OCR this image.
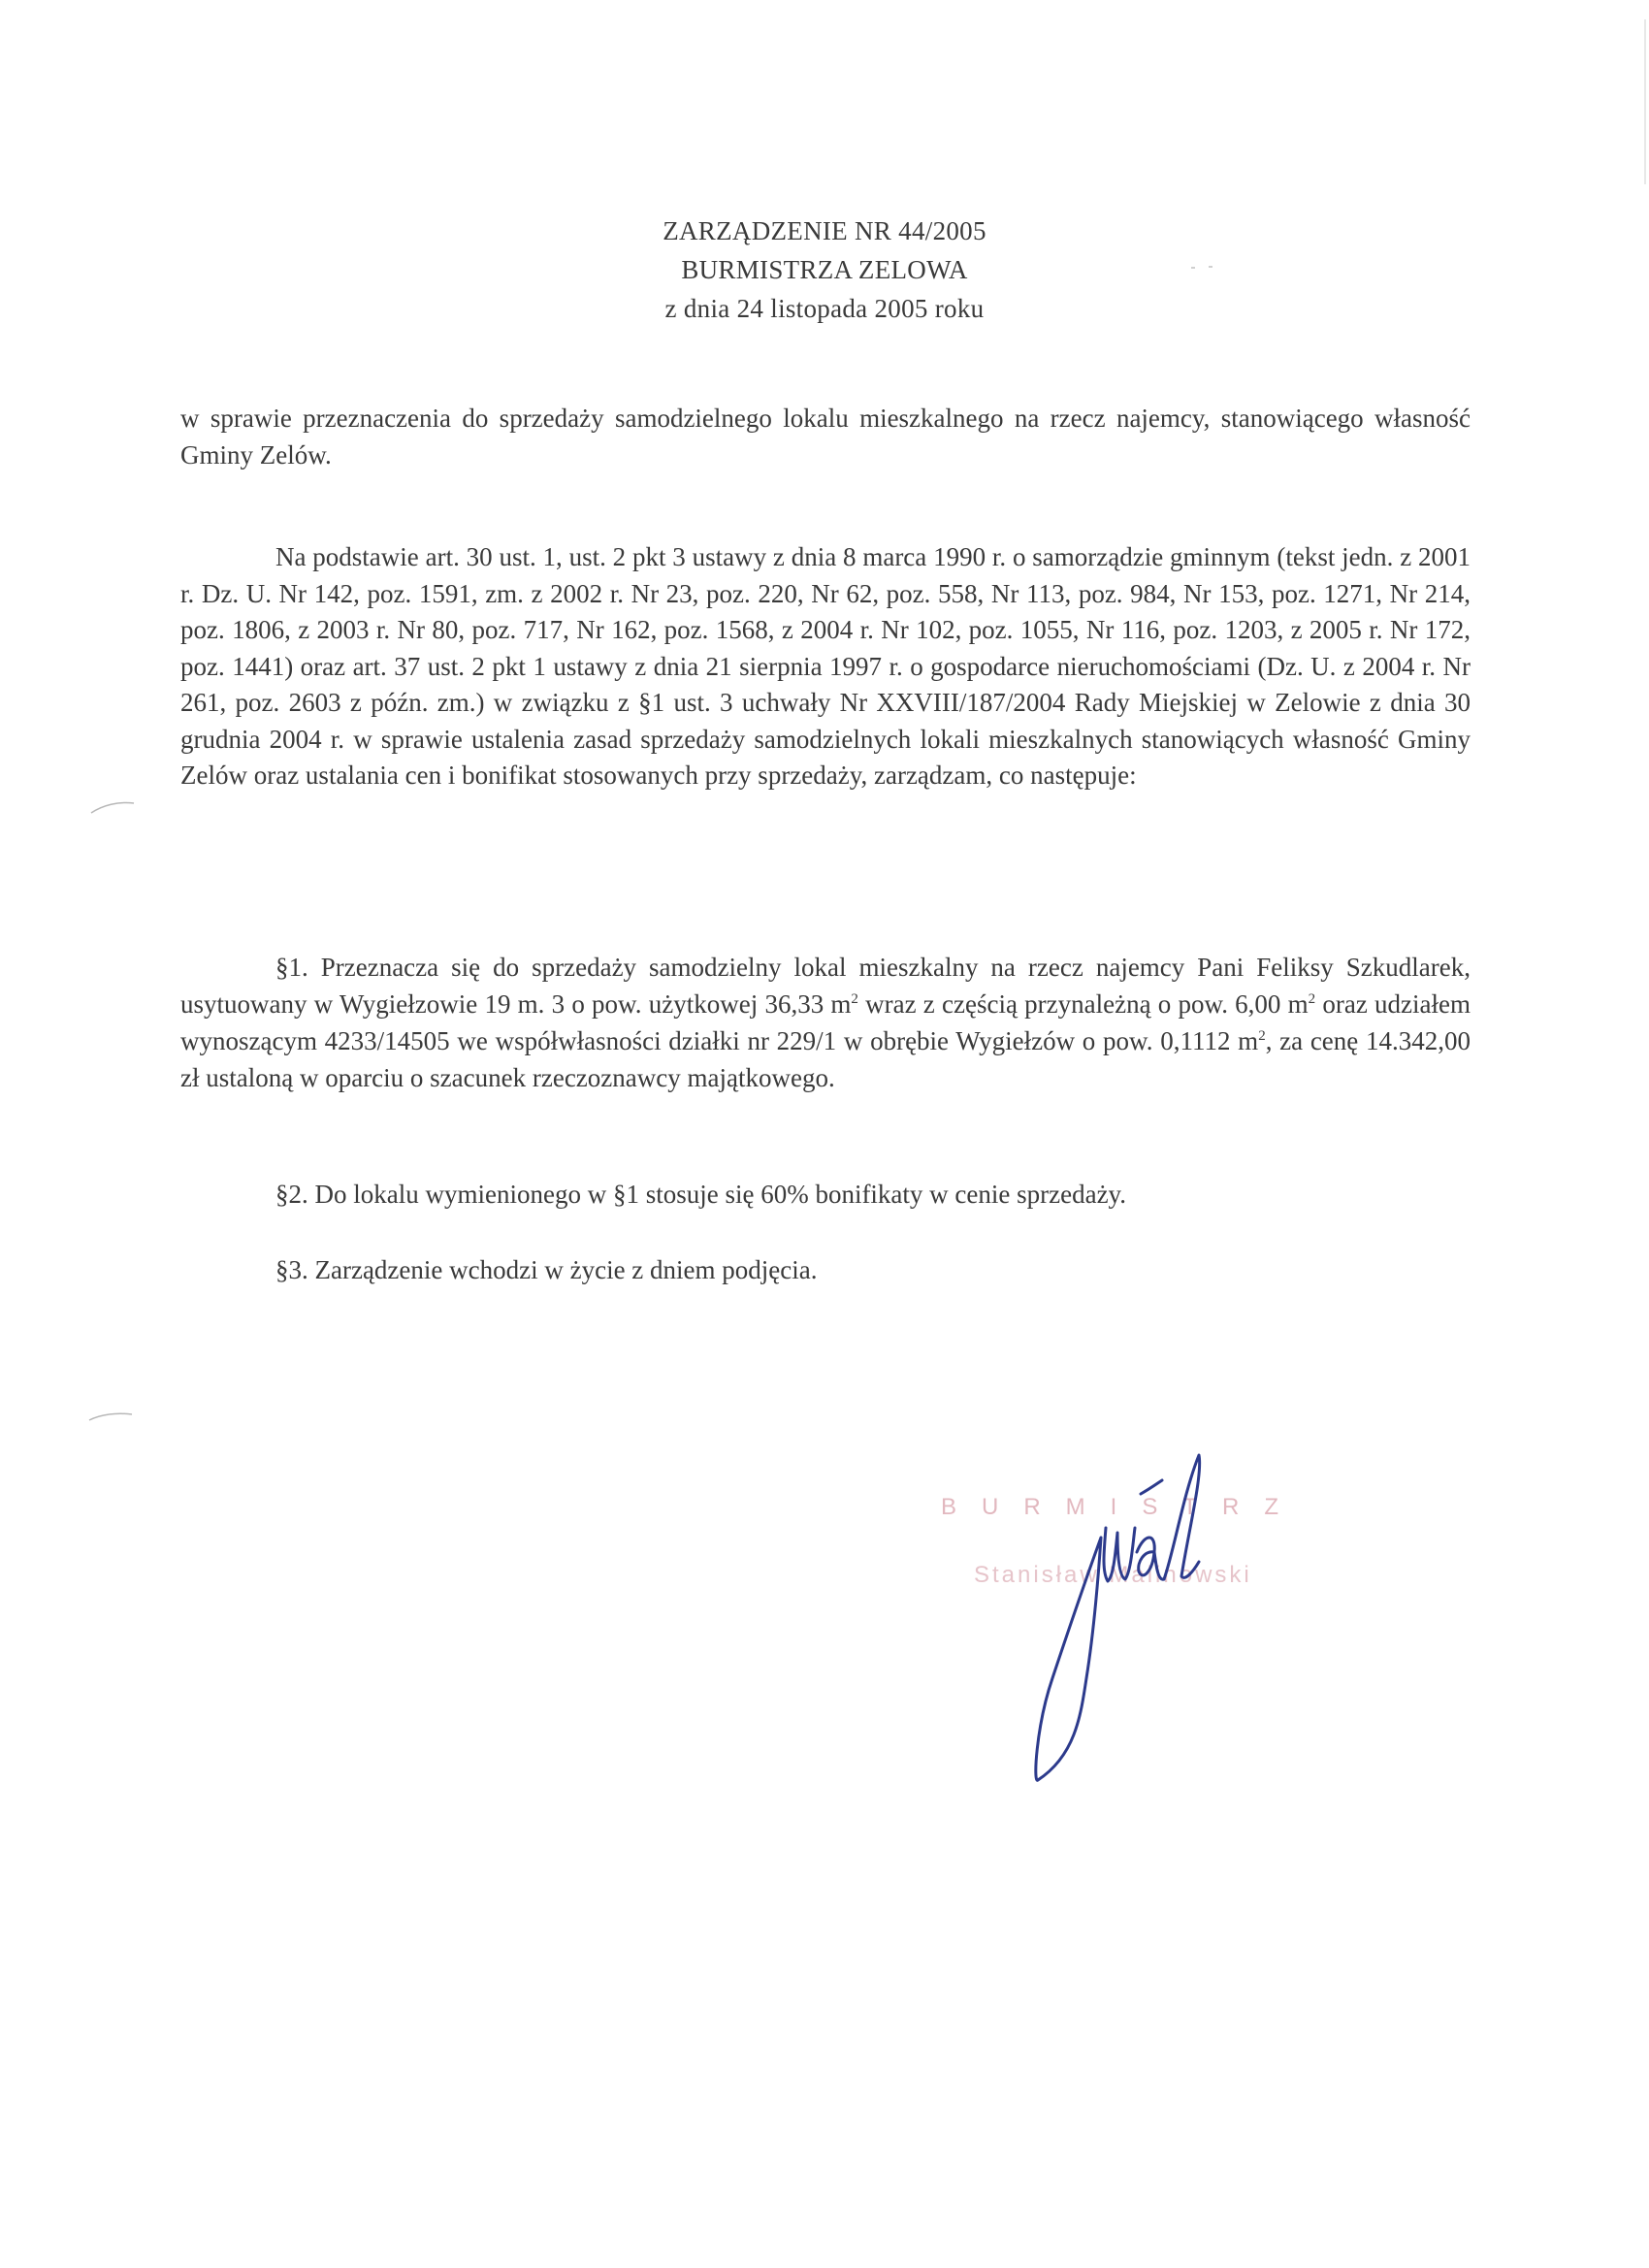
ZARZĄDZENIE NR 44/2005
BURMISTRZA ZELOWA
z dnia 24 listopada 2005 roku
w sprawie przeznaczenia do sprzedaży samodzielnego lokalu mieszkalnego na rzecz najemcy, stanowiącego własność Gminy Zelów.
Na podstawie art. 30 ust. 1, ust. 2 pkt 3 ustawy z dnia 8 marca 1990 r. o samorządzie gminnym (tekst jedn. z 2001 r. Dz. U. Nr 142, poz. 1591, zm. z 2002 r. Nr 23, poz. 220, Nr 62, poz. 558, Nr 113, poz. 984, Nr 153, poz. 1271, Nr 214, poz. 1806, z 2003 r. Nr 80, poz. 717, Nr 162, poz. 1568, z 2004 r. Nr 102, poz. 1055, Nr 116, poz. 1203, z 2005 r. Nr 172, poz. 1441) oraz art. 37 ust. 2 pkt 1 ustawy z dnia 21 sierpnia 1997 r. o gospodarce nieruchomościami (Dz. U. z 2004 r. Nr 261, poz. 2603 z późn. zm.) w związku z §1 ust. 3 uchwały Nr XXVIII/187/2004 Rady Miejskiej w Zelowie z dnia 30 grudnia 2004 r. w sprawie ustalenia zasad sprzedaży samodzielnych lokali mieszkalnych stanowiących własność Gminy Zelów oraz ustalania cen i bonifikat stosowanych przy sprzedaży, zarządzam, co następuje:
§1. Przeznacza się do sprzedaży samodzielny lokal mieszkalny na rzecz najemcy Pani Feliksy Szkudlarek, usytuowany w Wygiełzowie 19 m. 3 o pow. użytkowej 36,33 $m^2$ wraz z częścią przynależną o pow. 6,00 $m^2$ oraz udziałem wynoszącym 4233/14505 we współwłasności działki nr 229/1 w obrębie Wygiełzów o pow. 0,1112 $m^2$, za cenę 14.342,00 zł ustaloną w oparciu o szacunek rzeczoznawcy majątkowego.
§2. Do lokalu wymienionego w §1 stosuje się 60% bonifikaty w cenie sprzedaży.
§3. Zarządzenie wchodzi w życie z dniem podjęcia.
BURMISTRZ
Stanisław Malinowski
